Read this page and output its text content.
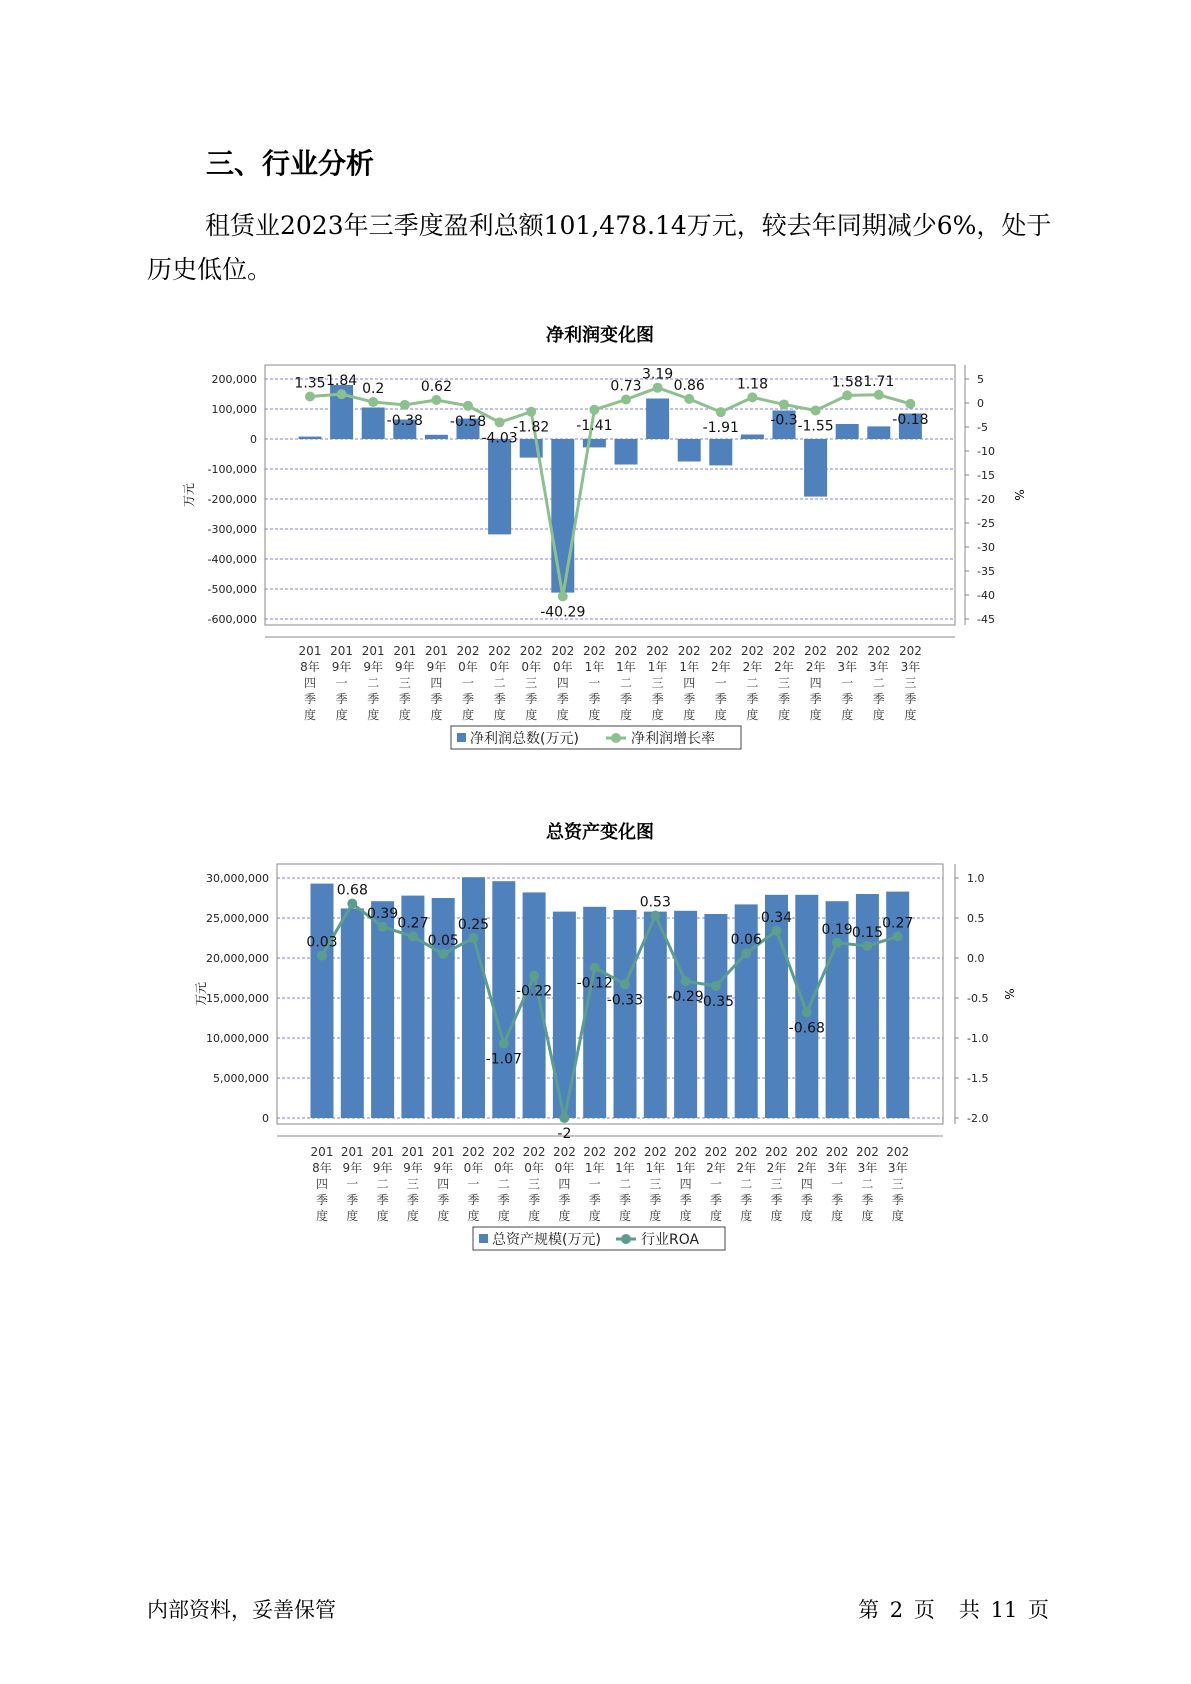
三、行业分析

租赁业2023年三季度盈利总额101,478.14万元，较去年同期减少6%，处于历史低位。

净利润变化图
200,000
100,000
0
-100,000
-200,000
-300,000
-400,000
-500,000
-600,000
万元
5
0
-5
-10
-15
-20
-25
-30
-35
-40
-45
%
1.35 1.84 0.2
-0.38
0.62
-0.58
-4.03
-1.82
-40.29
-1.41
0.73
3.19
0.86
-1.91
1.18
-0.3 -1.55
1.58 1.71
-0.18
201
8年
四
季
度
201
9年
一
季
度
201
9年
二
季
度
201
9年
三
季
度
201
9年
四
季
度
202
0年
一
季
度
202
0年
二
季
度
202
0年
三
季
度
202
0年
四
季
度
202
1年
一
季
度
202
1年
二
季
度
202
1年
三
季
度
202
1年
四
季
度
202
2年
一
季
度
202
2年
二
季
度
202
2年
三
季
度
202
2年
四
季
度
202
3年
一
季
度
202
3年
二
季
度
202
3年
三
季
度
净利润总数(万元)	净利润增长率
总资产变化图
30,000,000
25,000,000
20,000,000
15,000,000
10,000,000
5,000,000
0
万元
1.0
0.5
0.0
-0.5
-1.0
-1.5
-2.0
%
0.03
0.68
0.39
0.27
0.05
0.25
-1.07
-0.22
-2
-0.12
-0.33
0.53
-0.29
-0.35
0.06
0.34
-0.68
0.19 0.15
0.27
201
8年
四
季
度
201
9年
一
季
度
201
9年
二
季
度
201
9年
三
季
度
201
9年
四
季
度
202
0年
一
季
度
202
0年
二
季
度
202
0年
三
季
度
202
0年
四
季
度
202
1年
一
季
度
202
1年
二
季
度
202
1年
三
季
度
202
1年
四
季
度
202
2年
一
季
度
202
2年
二
季
度
202
2年
三
季
度
202
2年
四
季
度
202
3年
一
季
度
202
3年
二
季
度
202
3年
三
季
度
总资产规模(万元)	行业ROA
内部资料，妥善保管	第 2 页 共 11 页
